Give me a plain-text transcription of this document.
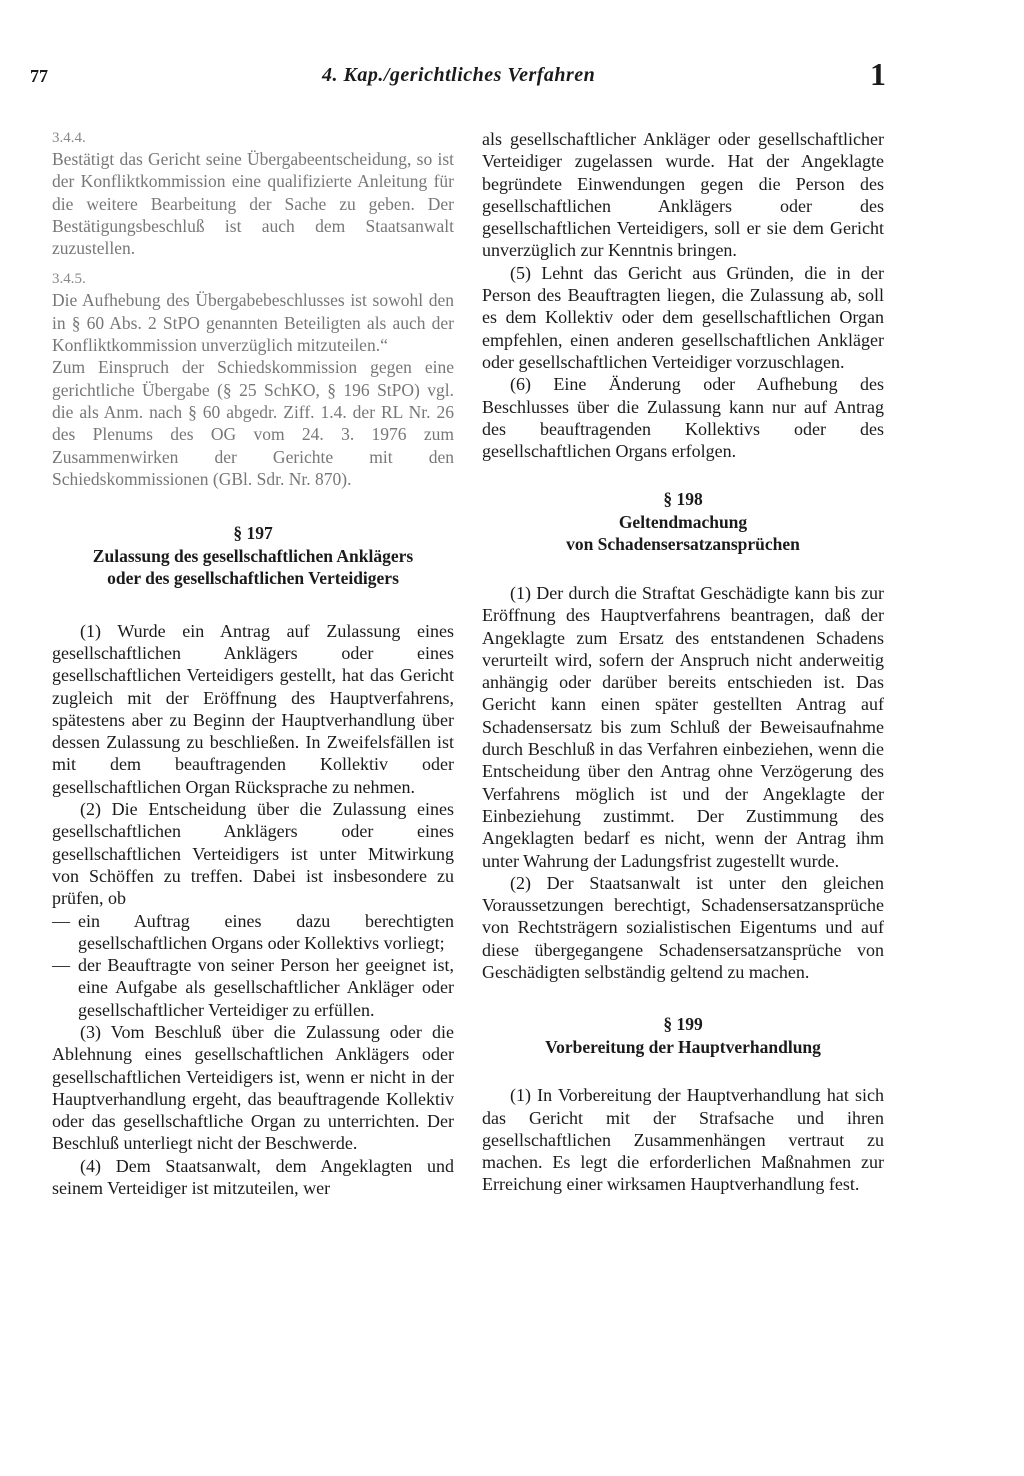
77	4. Kap./gerichtliches Verfahren	1

3.4.4.

Bestätigt das Gericht seine Übergabeentscheidung, so ist der Konfliktkommission eine qualifizierte Anleitung für die weitere Bearbeitung der Sache zu geben. Der Bestätigungsbeschluß ist auch dem Staatsanwalt zuzustellen.

3.4.5.

Die Aufhebung des Übergabebeschlusses ist sowohl den in § 60 Abs. 2 StPO genannten Beteiligten als auch der Konfliktkommission unverzüglich mitzuteilen.“

Zum Einspruch der Schiedskommission gegen eine gerichtliche Übergabe (§ 25 SchKO, § 196 StPO) vgl. die als Anm. nach § 60 abgedr. Ziff. 1.4. der RL Nr. 26 des Plenums des OG vom 24. 3. 1976 zum Zusammenwirken der Gerichte mit den Schiedskommissionen (GBl. Sdr. Nr. 870).

§ 197

Zulassung des gesellschaftlichen Anklägers

oder des gesellschaftlichen Verteidigers

(1) Wurde ein Antrag auf Zulassung eines gesellschaftlichen Anklägers oder eines gesellschaftlichen Verteidigers gestellt, hat das Gericht zugleich mit der Eröffnung des Hauptverfahrens, spätestens aber zu Beginn der Hauptverhandlung über dessen Zulassung zu beschließen. In Zweifelsfällen ist mit dem beauftragenden Kollektiv oder gesellschaftlichen Organ Rücksprache zu nehmen.

(2) Die Entscheidung über die Zulassung eines gesellschaftlichen Anklägers oder eines gesellschaftlichen Verteidigers ist unter Mitwirkung von Schöffen zu treffen. Dabei ist insbesondere zu prüfen, ob

— ein Auftrag eines dazu berechtigten gesellschaftlichen Organs oder Kollektivs vorliegt;
— der Beauftragte von seiner Person her geeignet ist, eine Aufgabe als gesellschaftlicher Ankläger oder gesellschaftlicher Verteidiger zu erfüllen.

(3) Vom Beschluß über die Zulassung oder die Ablehnung eines gesellschaftlichen Anklägers oder gesellschaftlichen Verteidigers ist, wenn er nicht in der Hauptverhandlung ergeht, das beauftragende Kollektiv oder das gesellschaftliche Organ zu unterrichten. Der Beschluß unterliegt nicht der Beschwerde.

(4) Dem Staatsanwalt, dem Angeklagten und seinem Verteidiger ist mitzuteilen, wer

als gesellschaftlicher Ankläger oder gesellschaftlicher Verteidiger zugelassen wurde. Hat der Angeklagte begründete Einwendungen gegen die Person des gesellschaftlichen Anklägers oder des gesellschaftlichen Verteidigers, soll er sie dem Gericht unverzüglich zur Kenntnis bringen.

(5) Lehnt das Gericht aus Gründen, die in der Person des Beauftragten liegen, die Zulassung ab, soll es dem Kollektiv oder dem gesellschaftlichen Organ empfehlen, einen anderen gesellschaftlichen Ankläger oder gesellschaftlichen Verteidiger vorzuschlagen.

(6) Eine Änderung oder Aufhebung des Beschlusses über die Zulassung kann nur auf Antrag des beauftragenden Kollektivs oder des gesellschaftlichen Organs erfolgen.

§ 198

Geltendmachung

von Schadensersatzansprüchen

(1) Der durch die Straftat Geschädigte kann bis zur Eröffnung des Hauptverfahrens beantragen, daß der Angeklagte zum Ersatz des entstandenen Schadens verurteilt wird, sofern der Anspruch nicht anderweitig anhängig oder darüber bereits entschieden ist. Das Gericht kann einen später gestellten Antrag auf Schadensersatz bis zum Schluß der Beweisaufnahme durch Beschluß in das Verfahren einbeziehen, wenn die Entscheidung über den Antrag ohne Verzögerung des Verfahrens möglich ist und der Angeklagte der Einbeziehung zustimmt. Der Zustimmung des Angeklagten bedarf es nicht, wenn der Antrag ihm unter Wahrung der Ladungsfrist zugestellt wurde.

(2) Der Staatsanwalt ist unter den gleichen Voraussetzungen berechtigt, Schadensersatzansprüche von Rechtsträgern sozialistischen Eigentums und auf diese übergegangene Schadensersatzansprüche von Geschädigten selbständig geltend zu machen.

§ 199

Vorbereitung der Hauptverhandlung

(1) In Vorbereitung der Hauptverhandlung hat sich das Gericht mit der Strafsache und ihren gesellschaftlichen Zusammenhängen vertraut zu machen. Es legt die erforderlichen Maßnahmen zur Erreichung einer wirksamen Hauptverhandlung fest.
